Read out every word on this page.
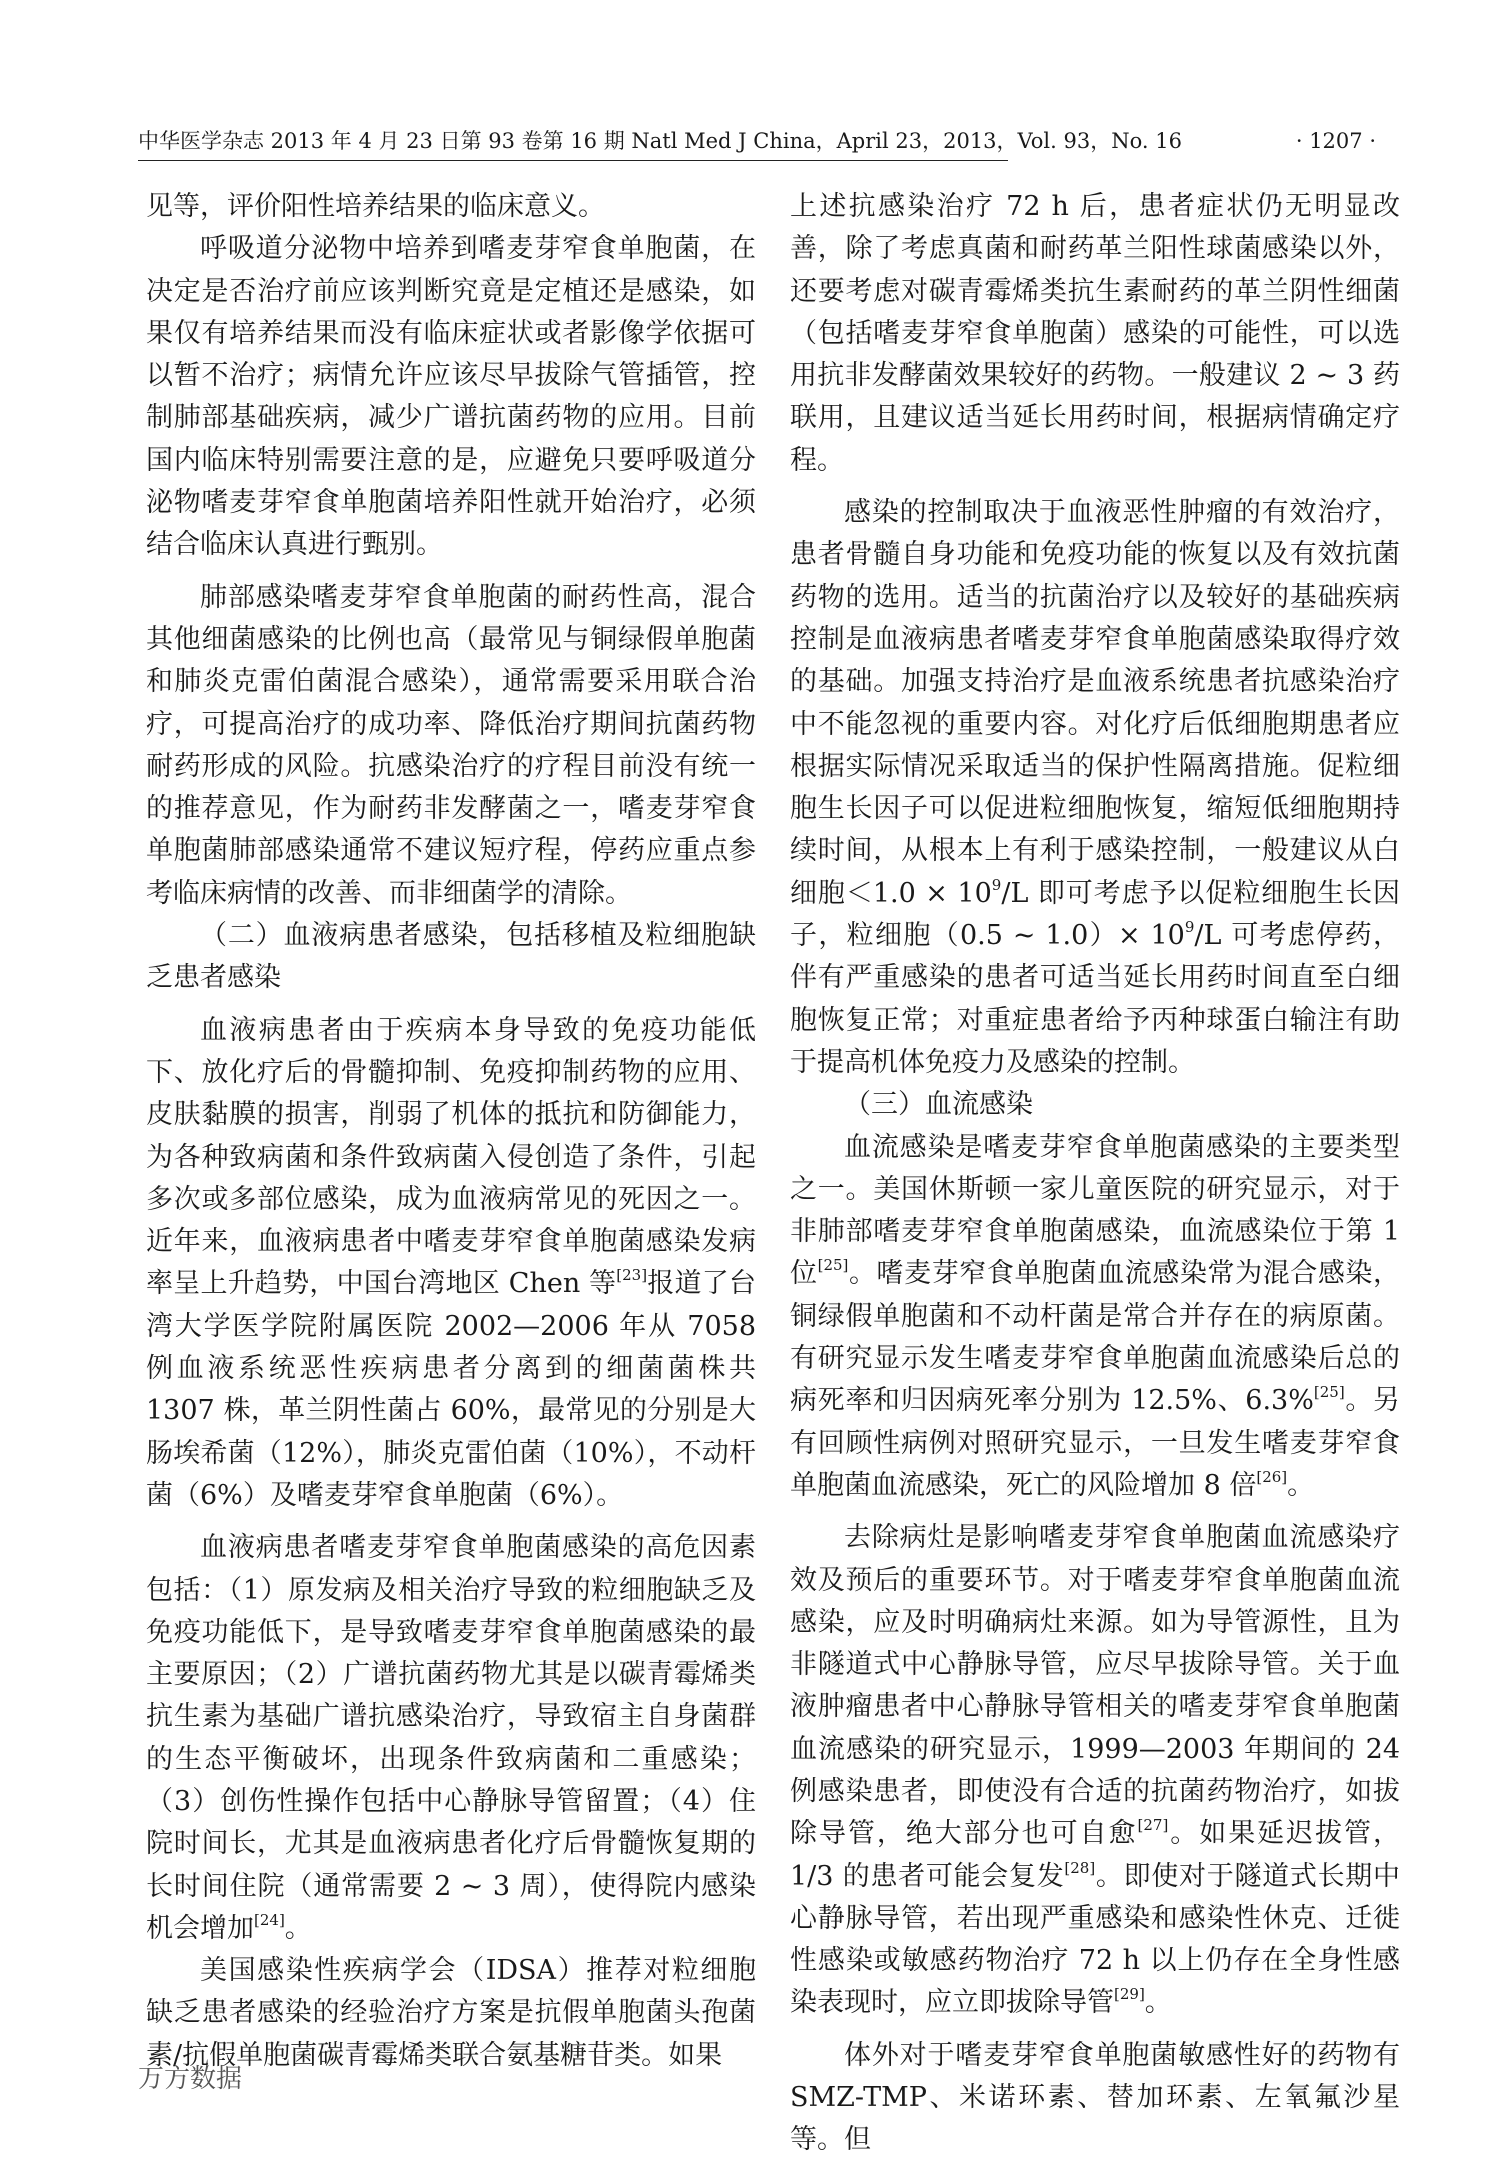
中华医学杂志 2013 年 4 月 23 日第 93 卷第 16 期 Natl Med J China，April 23，2013，Vol. 93，No. 16	· 1207 ·

见等，评价阳性培养结果的临床意义。

呼吸道分泌物中培养到嗜麦芽窄食单胞菌，在决定是否治疗前应该判断究竟是定植还是感染，如果仅有培养结果而没有临床症状或者影像学依据可以暂不治疗；病情允许应该尽早拔除气管插管，控制肺部基础疾病，减少广谱抗菌药物的应用。目前国内临床特别需要注意的是，应避免只要呼吸道分泌物嗜麦芽窄食单胞菌培养阳性就开始治疗，必须结合临床认真进行甄别。

肺部感染嗜麦芽窄食单胞菌的耐药性高，混合其他细菌感染的比例也高（最常见与铜绿假单胞菌和肺炎克雷伯菌混合感染），通常需要采用联合治疗，可提高治疗的成功率、降低治疗期间抗菌药物耐药形成的风险。抗感染治疗的疗程目前没有统一的推荐意见，作为耐药非发酵菌之一，嗜麦芽窄食单胞菌肺部感染通常不建议短疗程，停药应重点参考临床病情的改善、而非细菌学的清除。

（二）血液病患者感染，包括移植及粒细胞缺乏患者感染

血液病患者由于疾病本身导致的免疫功能低下、放化疗后的骨髓抑制、免疫抑制药物的应用、皮肤黏膜的损害，削弱了机体的抵抗和防御能力，为各种致病菌和条件致病菌入侵创造了条件，引起多次或多部位感染，成为血液病常见的死因之一。近年来，血液病患者中嗜麦芽窄食单胞菌感染发病率呈上升趋势，中国台湾地区 Chen 等[23]报道了台湾大学医学院附属医院 2002—2006 年从 7058 例血液系统恶性疾病患者分离到的细菌菌株共 1307 株，革兰阴性菌占 60%，最常见的分别是大肠埃希菌（12%），肺炎克雷伯菌（10%），不动杆菌（6%）及嗜麦芽窄食单胞菌（6%）。

血液病患者嗜麦芽窄食单胞菌感染的高危因素包括：（1）原发病及相关治疗导致的粒细胞缺乏及免疫功能低下，是导致嗜麦芽窄食单胞菌感染的最主要原因；（2）广谱抗菌药物尤其是以碳青霉烯类抗生素为基础广谱抗感染治疗，导致宿主自身菌群的生态平衡破坏，出现条件致病菌和二重感染；（3）创伤性操作包括中心静脉导管留置；（4）住院时间长，尤其是血液病患者化疗后骨髓恢复期的长时间住院（通常需要 2 ~ 3 周），使得院内感染机会增加[24]。

美国感染性疾病学会（IDSA）推荐对粒细胞缺乏患者感染的经验治疗方案是抗假单胞菌头孢菌素/抗假单胞菌碳青霉烯类联合氨基糖苷类。如果

上述抗感染治疗 72 h 后，患者症状仍无明显改善，除了考虑真菌和耐药革兰阳性球菌感染以外，还要考虑对碳青霉烯类抗生素耐药的革兰阴性细菌（包括嗜麦芽窄食单胞菌）感染的可能性，可以选用抗非发酵菌效果较好的药物。一般建议 2 ~ 3 药联用，且建议适当延长用药时间，根据病情确定疗程。

感染的控制取决于血液恶性肿瘤的有效治疗，患者骨髓自身功能和免疫功能的恢复以及有效抗菌药物的选用。适当的抗菌治疗以及较好的基础疾病控制是血液病患者嗜麦芽窄食单胞菌感染取得疗效的基础。加强支持治疗是血液系统患者抗感染治疗中不能忽视的重要内容。对化疗后低细胞期患者应根据实际情况采取适当的保护性隔离措施。促粒细胞生长因子可以促进粒细胞恢复，缩短低细胞期持续时间，从根本上有利于感染控制，一般建议从白细胞$<1.0 \times 10^9/L$ 即可考虑予以促粒细胞生长因子，粒细胞（0.5 ~ $1.0)\times 10^9/L$ 可考虑停药，伴有严重感染的患者可适当延长用药时间直至白细胞恢复正常；对重症患者给予丙种球蛋白输注有助于提高机体免疫力及感染的控制。

（三）血流感染

血流感染是嗜麦芽窄食单胞菌感染的主要类型之一。美国休斯顿一家儿童医院的研究显示，对于非肺部嗜麦芽窄食单胞菌感染，血流感染位于第 1 位[25]。嗜麦芽窄食单胞菌血流感染常为混合感染，铜绿假单胞菌和不动杆菌是常合并存在的病原菌。有研究显示发生嗜麦芽窄食单胞菌血流感染后总的病死率和归因病死率分别为 12.5%、6.3%[25]。另有回顾性病例对照研究显示，一旦发生嗜麦芽窄食单胞菌血流感染，死亡的风险增加 8 倍[26]。

去除病灶是影响嗜麦芽窄食单胞菌血流感染疗效及预后的重要环节。对于嗜麦芽窄食单胞菌血流感染，应及时明确病灶来源。如为导管源性，且为非隧道式中心静脉导管，应尽早拔除导管。关于血液肿瘤患者中心静脉导管相关的嗜麦芽窄食单胞菌血流感染的研究显示，1999—2003 年期间的 24 例感染患者，即使没有合适的抗菌药物治疗，如拔除导管，绝大部分也可自愈[27]。如果延迟拔管，1/3 的患者可能会复发[28]。即使对于隧道式长期中心静脉导管，若出现严重感染和感染性休克、迁徙性感染或敏感药物治疗 72 h 以上仍存在全身性感染表现时，应立即拔除导管[29]。

体外对于嗜麦芽窄食单胞菌敏感性好的药物有 SMZ-TMP、米诺环素、替加环素、左氧氟沙星等。但

万方数据
